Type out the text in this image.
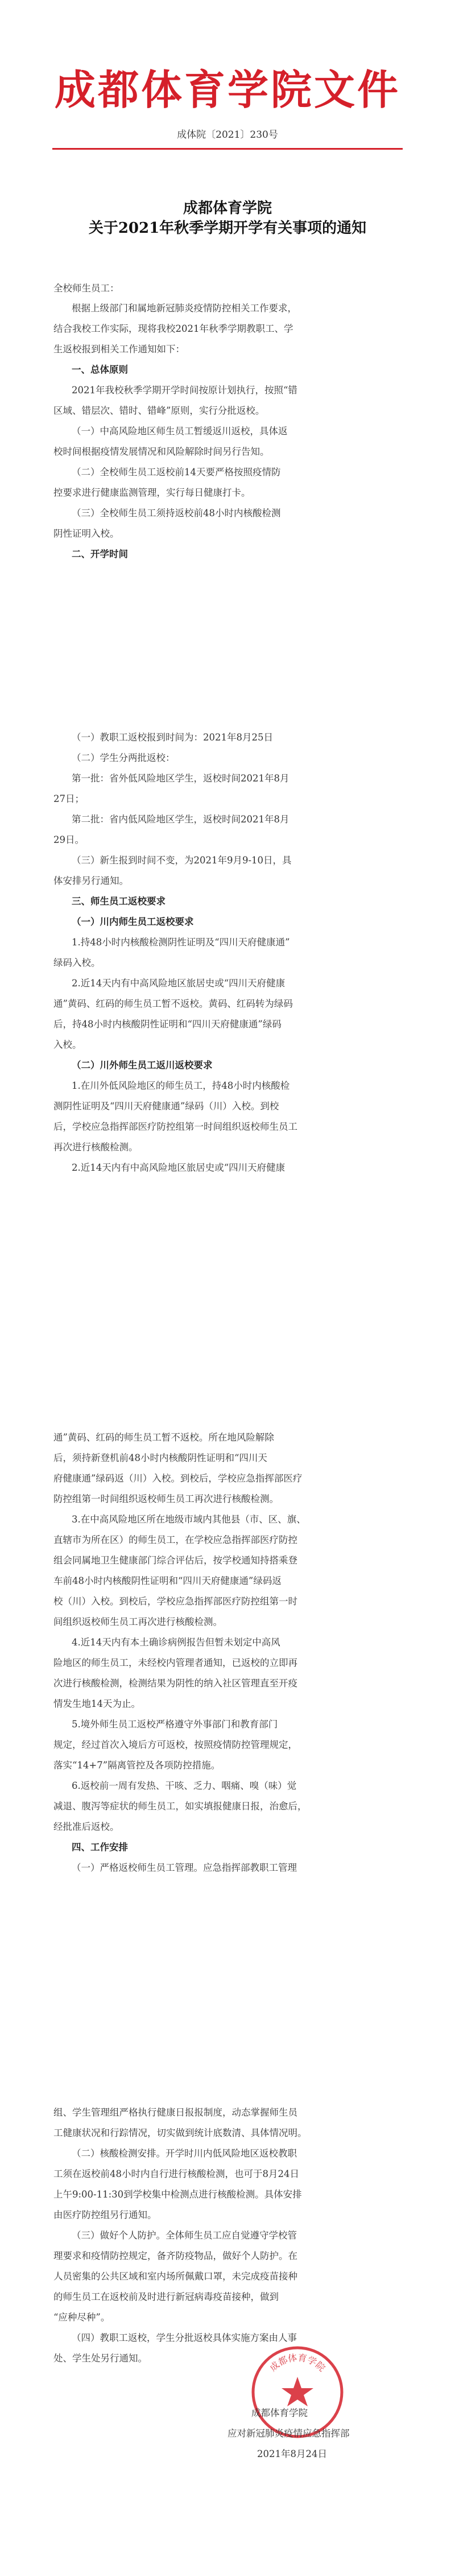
成都体育学院文件
成体院〔2021〕230号
成都体育学院
关于2021年秋季学期开学有关事项的通知
全校师生员工：
根据上级部门和属地新冠肺炎疫情防控相关工作要求，
结合我校工作实际，现将我校2021年秋季学期教职工、学
生返校报到相关工作通知如下：
一、总体原则
2021年我校秋季学期开学时间按原计划执行，按照“错
区域、错层次、错时、错峰”原则，实行分批返校。
（一）中高风险地区师生员工暂缓返川返校，具体返
校时间根据疫情发展情况和风险解除时间另行告知。
（二）全校师生员工返校前14天要严格按照疫情防
控要求进行健康监测管理，实行每日健康打卡。
（三）全校师生员工须持返校前48小时内核酸检测
阴性证明入校。
二、开学时间
（一）教职工返校报到时间为：2021年8月25日
（二）学生分两批返校：
第一批：省外低风险地区学生，返校时间2021年8月
27日；
第二批：省内低风险地区学生，返校时间2021年8月
29日。
（三）新生报到时间不变，为2021年9月9-10日，具
体安排另行通知。
三、师生员工返校要求
（一）川内师生员工返校要求
1.持48小时内核酸检测阴性证明及“四川天府健康通”
绿码入校。
2.近14天内有中高风险地区旅居史或“四川天府健康
通”黄码、红码的师生员工暂不返校。黄码、红码转为绿码
后，持48小时内核酸阴性证明和“四川天府健康通”绿码
入校。
（二）川外师生员工返川返校要求
1.在川外低风险地区的师生员工，持48小时内核酸检
测阴性证明及“四川天府健康通”绿码（川）入校。到校
后，学校应急指挥部医疗防控组第一时间组织返校师生员工
再次进行核酸检测。
2.近14天内有中高风险地区旅居史或“四川天府健康
通”黄码、红码的师生员工暂不返校。所在地风险解除
后，须持新登机前48小时内核酸阴性证明和“四川天
府健康通”绿码返（川）入校。到校后，学校应急指挥部医疗
防控组第一时间组织返校师生员工再次进行核酸检测。
3.在中高风险地区所在地级市域内其他县（市、区、旗、
直辖市为所在区）的师生员工，在学校应急指挥部医疗防控
组会同属地卫生健康部门综合评估后，按学校通知持搭乘登
车前48小时内核酸阴性证明和“四川天府健康通”绿码返
校（川）入校。到校后，学校应急指挥部医疗防控组第一时
间组织返校师生员工再次进行核酸检测。
4.近14天内有本土确诊病例报告但暂未划定中高风
险地区的师生员工，未经校内管理者通知，已返校的立即再
次进行核酸检测，检测结果为阴性的纳入社区管理直至开疫
情发生地14天为止。
5.境外师生员工返校严格遵守外事部门和教育部门
规定，经过首次入境后方可返校，按照疫情防控管理规定，
落实“14+7”隔离管控及各项防控措施。
6.返校前一周有发热、干咳、乏力、咽痛、嗅（味）觉
减退、腹泻等症状的师生员工，如实填报健康日报，治愈后，
经批准后返校。
四、工作安排
（一）严格返校师生员工管理。应急指挥部教职工管理
组、学生管理组严格执行健康日报报制度，动态掌握师生员
工健康状况和行踪情况，切实做到统计底数清、具体情况明。
（二）核酸检测安排。开学时川内低风险地区返校教职
工须在返校前48小时内自行进行核酸检测，也可于8月24日
上午9:00-11:30到学校集中检测点进行核酸检测。具体安排
由医疗防控组另行通知。
（三）做好个人防护。全体师生员工应自觉遵守学校管
理要求和疫情防控规定，备齐防疫物品，做好个人防护。在
人员密集的公共区域和室内场所佩戴口罩，未完成疫苗接种
的师生员工在返校前及时进行新冠病毒疫苗接种，做到
“应种尽种”。
（四）教职工返校，学生分批返校具体实施方案由人事
处、学生处另行通知。
成都体育学院
成都体育学院
应对新冠肺炎疫情应急指挥部
2021年8月24日
